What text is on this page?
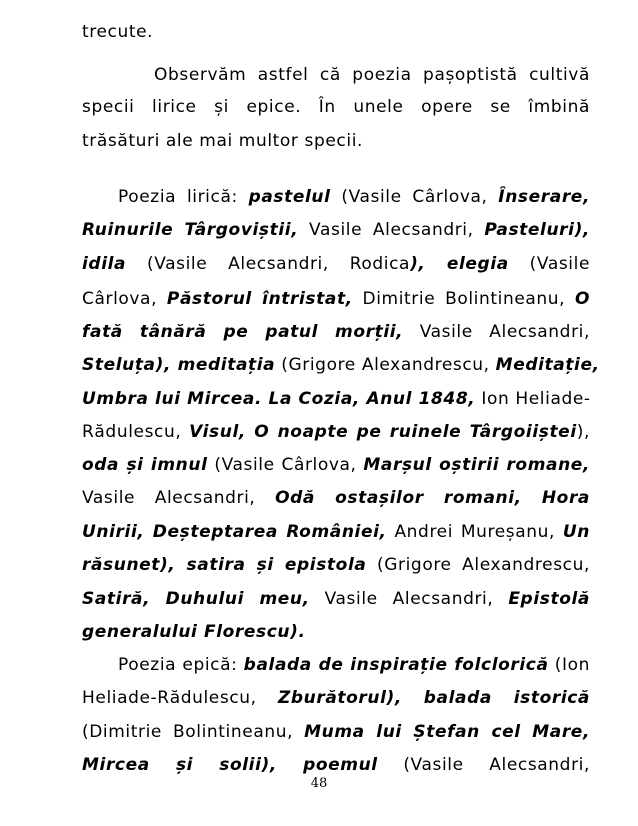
trecute.
Observăm astfel că poezia pașoptistă cultivă
specii lirice și epice. În unele opere se îmbină
trăsături ale mai multor specii.
Poezia lirică: pastelul (Vasile Cârlova, Înserare,
Ruinurile Târgoviștii, Vasile Alecsandri, Pasteluri),
idila (Vasile Alecsandri, Rodica), elegia (Vasile
Cârlova, Păstorul întristat, Dimitrie Bolintineanu, O
fată tânără pe patul morții, Vasile Alecsandri,
Steluța), meditația (Grigore Alexandrescu, Meditație,
Umbra lui Mircea. La Cozia, Anul 1848, Ion Heliade-
Rădulescu, Visul, O noapte pe ruinele Târgoiiștei),
oda și imnul (Vasile Cârlova, Marșul oștirii romane,
Vasile Alecsandri, Odă ostașilor romani, Hora
Unirii, Deșteptarea României, Andrei Mureșanu, Un
răsunet), satira și epistola (Grigore Alexandrescu,
Satiră, Duhului meu, Vasile Alecsandri, Epistolă
generalului Florescu).
Poezia epică: balada de inspirație folclorică (Ion
Heliade-Rădulescu, Zburătorul), balada istorică
(Dimitrie Bolintineanu, Muma lui Ștefan cel Mare,
Mircea și solii), poemul (Vasile Alecsandri,
48
